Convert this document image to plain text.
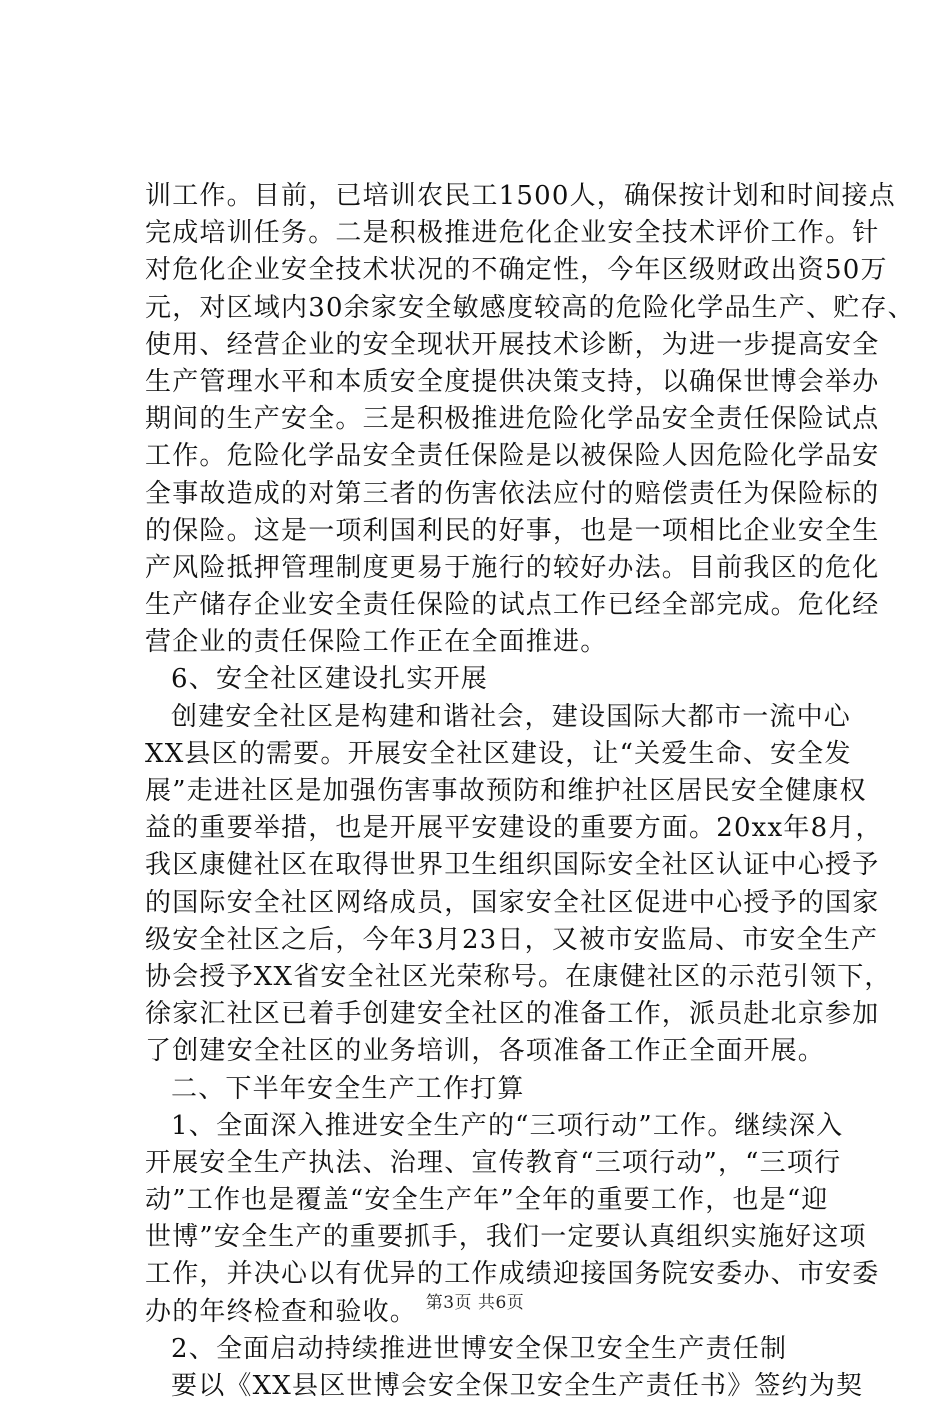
训工作。目前，已培训农民工1500人，确保按计划和时间接点
完成培训任务。二是积极推进危化企业安全技术评价工作。针
对危化企业安全技术状况的不确定性，今年区级财政出资50万
元，对区域内30余家安全敏感度较高的危险化学品生产、贮存、
使用、经营企业的安全现状开展技术诊断，为进一步提高安全
生产管理水平和本质安全度提供决策支持，以确保世博会举办
期间的生产安全。三是积极推进危险化学品安全责任保险试点
工作。危险化学品安全责任保险是以被保险人因危险化学品安
全事故造成的对第三者的伤害依法应付的赔偿责任为保险标的
的保险。这是一项利国利民的好事，也是一项相比企业安全生
产风险抵押管理制度更易于施行的较好办法。目前我区的危化
生产储存企业安全责任保险的试点工作已经全部完成。危化经
营企业的责任保险工作正在全面推进。
6、安全社区建设扎实开展
创建安全社区是构建和谐社会，建设国际大都市一流中心
XX县区的需要。开展安全社区建设，让“关爱生命、安全发
展”走进社区是加强伤害事故预防和维护社区居民安全健康权
益的重要举措，也是开展平安建设的重要方面。20xx年8月，
我区康健社区在取得世界卫生组织国际安全社区认证中心授予
的国际安全社区网络成员，国家安全社区促进中心授予的国家
级安全社区之后，今年3月23日，又被市安监局、市安全生产
协会授予XX省安全社区光荣称号。在康健社区的示范引领下，
徐家汇社区已着手创建安全社区的准备工作，派员赴北京参加
了创建安全社区的业务培训，各项准备工作正全面开展。
二、下半年安全生产工作打算
1、全面深入推进安全生产的“三项行动”工作。继续深入
开展安全生产执法、治理、宣传教育“三项行动”，“三项行
动”工作也是覆盖“安全生产年”全年的重要工作，也是“迎
世博”安全生产的重要抓手，我们一定要认真组织实施好这项
工作，并决心以有优异的工作成绩迎接国务院安委办、市安委
办的年终检查和验收。
2、全面启动持续推进世博安全保卫安全生产责任制
要以《XX县区世博会安全保卫安全生产责任书》签约为契
第3页 共6页
